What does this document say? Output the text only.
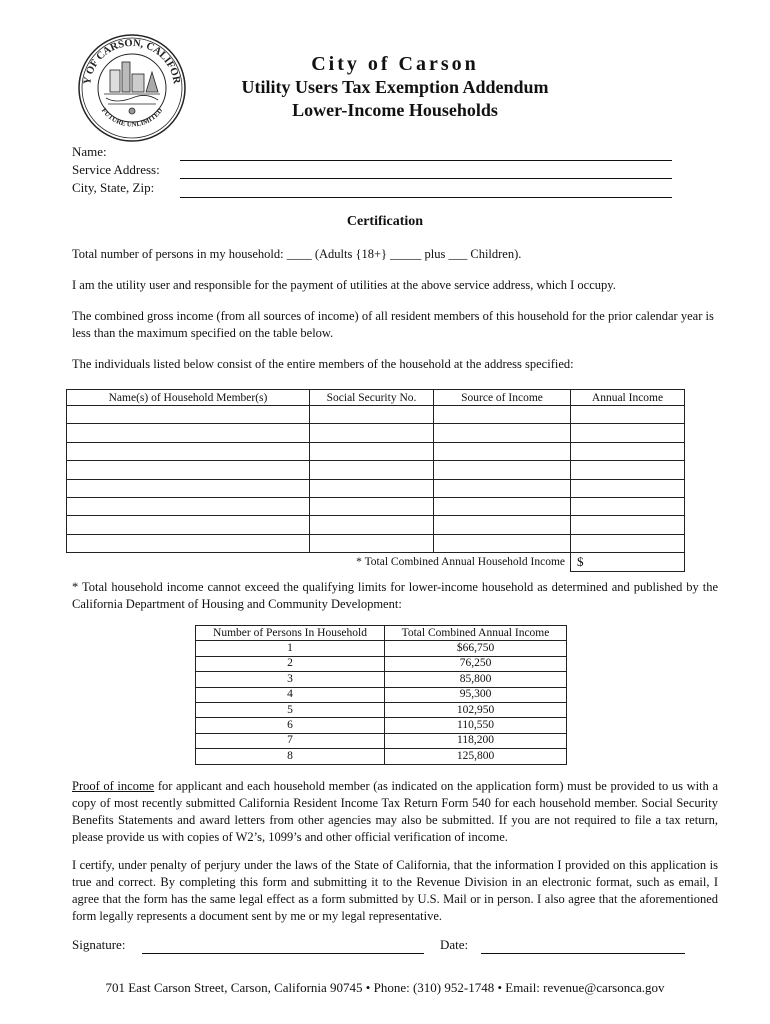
Y OF CARSON, CALIFOR
FUTURE UNLIMITED
City of Carson
Utility Users Tax Exemption Addendum
Lower-Income Households
Name:
Service Address:
City, State, Zip:
Certification
Total number of persons in my household: ____ (Adults {18+} _____ plus ___ Children).
I am the utility user and responsible for the payment of utilities at the above service address, which I occupy.
The combined gross income (from all sources of income) of all resident members of this household for the prior calendar year is less than the maximum specified on the table below.
The individuals listed below consist of the entire members of the household at the address specified:
Name(s) of Household Member(s)	Social Security No.	Source of Income	Annual Income

* Total Combined Annual Household Income			$
* Total household income cannot exceed the qualifying limits for lower-income household as determined and published by the California Department of Housing and Community Development:
Number of Persons In Household	Total Combined Annual Income
1	$66,750
2	76,250
3	85,800
4	95,300
5	102,950
6	110,550
7	118,200
8	125,800
Proof of income for applicant and each household member (as indicated on the application form) must be provided to us with a copy of most recently submitted California Resident Income Tax Return Form 540 for each household member. Social Security Benefits Statements and award letters from other agencies may also be submitted. If you are not required to file a tax return, please provide us with copies of W2’s, 1099’s and other official verification of income.
I certify, under penalty of perjury under the laws of the State of California, that the information I provided on this application is true and correct. By completing this form and submitting it to the Revenue Division in an electronic format, such as email, I agree that the form has the same legal effect as a form submitted by U.S. Mail or in person. I also agree that the aforementioned form legally represents a document sent by me or my legal representative.
Signature:	Date:
701 East Carson Street, Carson, California 90745 • Phone: (310) 952-1748 • Email: revenue@carsonca.gov
